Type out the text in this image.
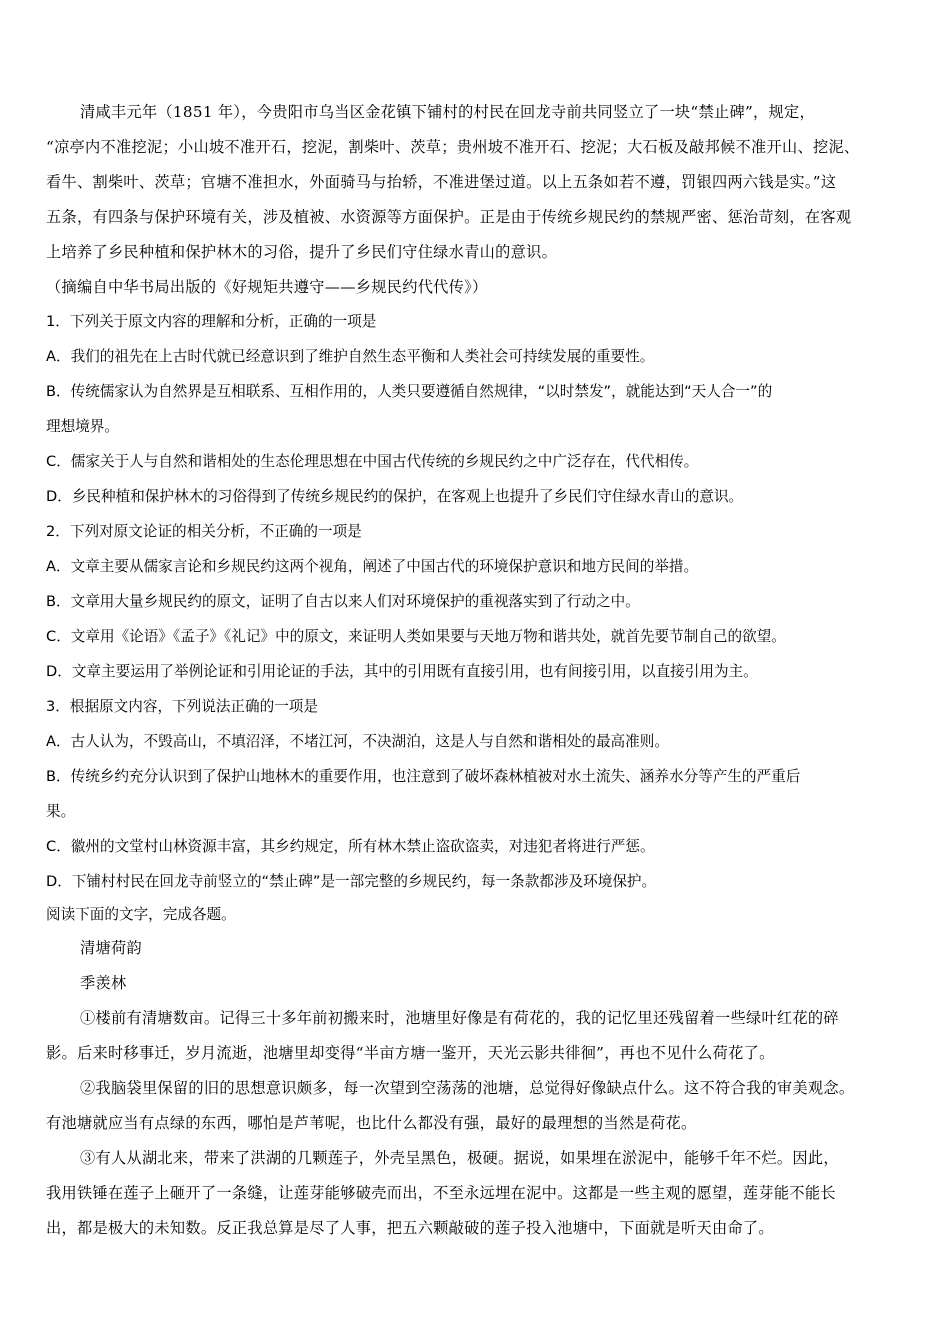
清咸丰元年（1851 年），今贵阳市乌当区金花镇下铺村的村民在回龙寺前共同竖立了一块“禁止碑”，规定，
“凉亭内不准挖泥；小山坡不准开石，挖泥，割柴叶、茨草；贵州坡不准开石、挖泥；大石板及敲邦候不准开山、挖泥、
看牛、割柴叶、茨草；官塘不准担水，外面骑马与抬轿，不准进堡过道。以上五条如若不遵，罚银四两六钱是实。”这
五条，有四条与保护环境有关，涉及植被、水资源等方面保护。正是由于传统乡规民约的禁规严密、惩治苛刻，在客观
上培养了乡民种植和保护林木的习俗，提升了乡民们守住绿水青山的意识。
（摘编自中华书局出版的《好规矩共遵守——乡规民约代代传》）
1．下列关于原文内容的理解和分析，正确的一项是
A．我们的祖先在上古时代就已经意识到了维护自然生态平衡和人类社会可持续发展的重要性。
B．传统儒家认为自然界是互相联系、互相作用的，人类只要遵循自然规律，“以时禁发”，就能达到“天人合一”的
理想境界。
C．儒家关于人与自然和谐相处的生态伦理思想在中国古代传统的乡规民约之中广泛存在，代代相传。
D．乡民种植和保护林木的习俗得到了传统乡规民约的保护，在客观上也提升了乡民们守住绿水青山的意识。
2．下列对原文论证的相关分析，不正确的一项是
A．文章主要从儒家言论和乡规民约这两个视角，阐述了中国古代的环境保护意识和地方民间的举措。
B．文章用大量乡规民约的原文，证明了自古以来人们对环境保护的重视落实到了行动之中。
C．文章用《论语》《孟子》《礼记》中的原文，来证明人类如果要与天地万物和谐共处，就首先要节制自己的欲望。
D．文章主要运用了举例论证和引用论证的手法，其中的引用既有直接引用，也有间接引用，以直接引用为主。
3．根据原文内容，下列说法正确的一项是
A．古人认为，不毁高山，不填沼泽，不堵江河，不决湖泊，这是人与自然和谐相处的最高准则。
B．传统乡约充分认识到了保护山地林木的重要作用，也注意到了破坏森林植被对水土流失、涵养水分等产生的严重后
果。
C．徽州的文堂村山林资源丰富，其乡约规定，所有林木禁止盗砍盗卖，对违犯者将进行严惩。
D．下铺村村民在回龙寺前竖立的“禁止碑”是一部完整的乡规民约，每一条款都涉及环境保护。
阅读下面的文字，完成各题。
清塘荷韵
季羡林
①楼前有清塘数亩。记得三十多年前初搬来时，池塘里好像是有荷花的，我的记忆里还残留着一些绿叶红花的碎
影。后来时移事迁，岁月流逝，池塘里却变得“半亩方塘一鉴开，天光云影共徘徊”，再也不见什么荷花了。
②我脑袋里保留的旧的思想意识颇多，每一次望到空荡荡的池塘，总觉得好像缺点什么。这不符合我的审美观念。
有池塘就应当有点绿的东西，哪怕是芦苇呢，也比什么都没有强，最好的最理想的当然是荷花。
③有人从湖北来，带来了洪湖的几颗莲子，外壳呈黑色，极硬。据说，如果埋在淤泥中，能够千年不烂。因此，
我用铁锤在莲子上砸开了一条缝，让莲芽能够破壳而出，不至永远埋在泥中。这都是一些主观的愿望，莲芽能不能长
出，都是极大的未知数。反正我总算是尽了人事，把五六颗敲破的莲子投入池塘中，下面就是听天由命了。
